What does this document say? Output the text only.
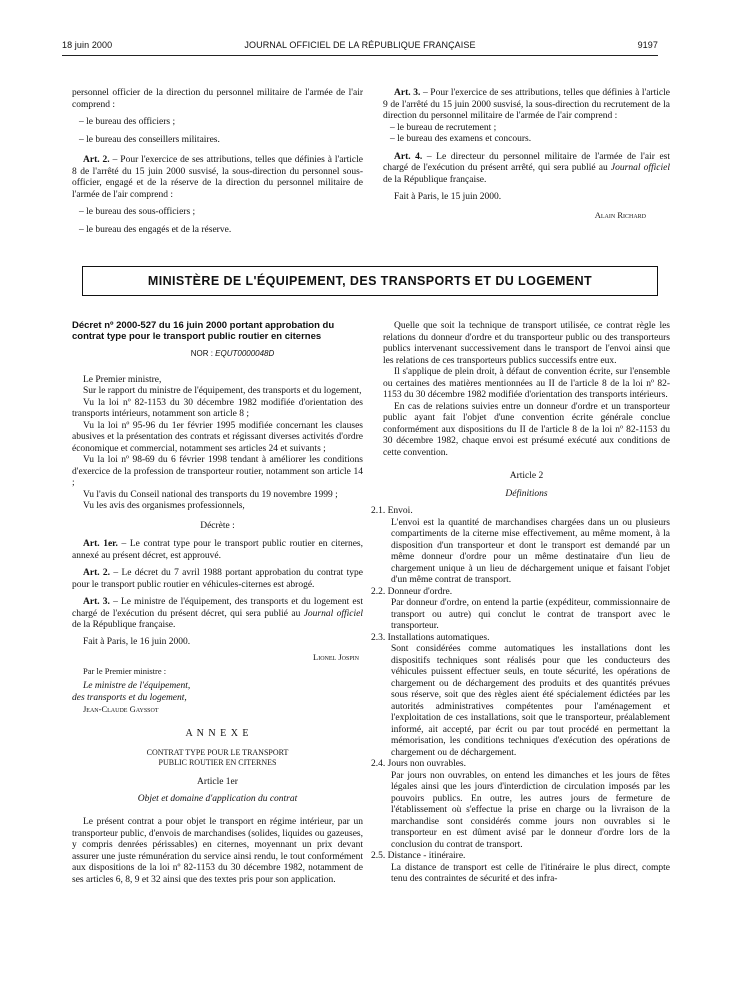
18 juin 2000	JOURNAL OFFICIEL DE LA RÉPUBLIQUE FRANÇAISE	9197

personnel officier de la direction du personnel militaire de l'armée de l'air comprend :

– le bureau des officiers ;

– le bureau des conseillers militaires.

Art. 2. – Pour l'exercice de ses attributions, telles que définies à l'article 8 de l'arrêté du 15 juin 2000 susvisé, la sous-direction du personnel sous-officier, engagé et de la réserve de la direction du personnel militaire de l'armée de l'air comprend :

– le bureau des sous-officiers ;

– le bureau des engagés et de la réserve.

Art. 3. – Pour l'exercice de ses attributions, telles que définies à l'article 9 de l'arrêté du 15 juin 2000 susvisé, la sous-direction du recrutement de la direction du personnel militaire de l'armée de l'air comprend :

– le bureau de recrutement ;

– le bureau des examens et concours.

Art. 4. – Le directeur du personnel militaire de l'armée de l'air est chargé de l'exécution du présent arrêté, qui sera publié au Journal officiel de la République française.

Fait à Paris, le 15 juin 2000.

Alain Richard

MINISTÈRE DE L'ÉQUIPEMENT, DES TRANSPORTS ET DU LOGEMENT

Décret nº 2000-527 du 16 juin 2000 portant approbation du contrat type pour le transport public routier en citernes

NOR : EQUT0000048D

Le Premier ministre,

Sur le rapport du ministre de l'équipement, des transports et du logement,

Vu la loi nº 82-1153 du 30 décembre 1982 modifiée d'orientation des transports intérieurs, notamment son article 8 ;

Vu la loi nº 95-96 du 1er février 1995 modifiée concernant les clauses abusives et la présentation des contrats et régissant diverses activités d'ordre économique et commercial, notamment ses articles 24 et suivants ;

Vu la loi nº 98-69 du 6 février 1998 tendant à améliorer les conditions d'exercice de la profession de transporteur routier, notamment son article 14 ;

Vu l'avis du Conseil national des transports du 19 novembre 1999 ;

Vu les avis des organismes professionnels,

Décrète :

Art. 1er. – Le contrat type pour le transport public routier en citernes, annexé au présent décret, est approuvé.

Art. 2. – Le décret du 7 avril 1988 portant approbation du contrat type pour le transport public routier en véhicules-citernes est abrogé.

Art. 3. – Le ministre de l'équipement, des transports et du logement est chargé de l'exécution du présent décret, qui sera publié au Journal officiel de la République française.

Fait à Paris, le 16 juin 2000.

Lionel Jospin

Par le Premier ministre :

Le ministre de l'équipement,

des transports et du logement,

Jean-Claude Gayssot

A N N E X E

CONTRAT TYPE POUR LE TRANSPORT

PUBLIC ROUTIER EN CITERNES

Article 1er

Objet et domaine d'application du contrat

Le présent contrat a pour objet le transport en régime intérieur, par un transporteur public, d'envois de marchandises (solides, liquides ou gazeuses, y compris denrées périssables) en citernes, moyennant un prix devant assurer une juste rémunération du service ainsi rendu, le tout conformément aux dispositions de la loi nº 82-1153 du 30 décembre 1982, notamment de ses articles 6, 8, 9 et 32 ainsi que des textes pris pour son application.

Quelle que soit la technique de transport utilisée, ce contrat règle les relations du donneur d'ordre et du transporteur public ou des transporteurs publics intervenant successivement dans le transport de l'envoi ainsi que les relations de ces transporteurs publics successifs entre eux.

Il s'applique de plein droit, à défaut de convention écrite, sur l'ensemble ou certaines des matières mentionnées au II de l'article 8 de la loi nº 82-1153 du 30 décembre 1982 modifiée d'orientation des transports intérieurs.

En cas de relations suivies entre un donneur d'ordre et un transporteur public ayant fait l'objet d'une convention écrite générale conclue conformément aux dispositions du II de l'article 8 de la loi nº 82-1153 du 30 décembre 1982, chaque envoi est présumé exécuté aux conditions de cette convention.

Article 2

Définitions

2.1. Envoi.

L'envoi est la quantité de marchandises chargées dans un ou plusieurs compartiments de la citerne mise effectivement, au même moment, à la disposition d'un transporteur et dont le transport est demandé par un même donneur d'ordre pour un même destinataire d'un lieu de chargement unique à un lieu de déchargement unique et faisant l'objet d'un même contrat de transport.

2.2. Donneur d'ordre.

Par donneur d'ordre, on entend la partie (expéditeur, commissionnaire de transport ou autre) qui conclut le contrat de transport avec le transporteur.

2.3. Installations automatiques.

Sont considérées comme automatiques les installations dont les dispositifs techniques sont réalisés pour que les conducteurs des véhicules puissent effectuer seuls, en toute sécurité, les opérations de chargement ou de déchargement des produits et des quantités prévues sous réserve, soit que des règles aient été spécialement édictées par les autorités administratives compétentes pour l'aménagement et l'exploitation de ces installations, soit que le transporteur, préalablement informé, ait accepté, par écrit ou par tout procédé en permettant la mémorisation, les conditions techniques d'exécution des opérations de chargement ou de déchargement.

2.4. Jours non ouvrables.

Par jours non ouvrables, on entend les dimanches et les jours de fêtes légales ainsi que les jours d'interdiction de circulation imposés par les pouvoirs publics. En outre, les autres jours de fermeture de l'établissement où s'effectue la prise en charge ou la livraison de la marchandise sont considérés comme jours non ouvrables si le transporteur en est dûment avisé par le donneur d'ordre lors de la conclusion du contrat de transport.

2.5. Distance - itinéraire.

La distance de transport est celle de l'itinéraire le plus direct, compte tenu des contraintes de sécurité et des infra-
